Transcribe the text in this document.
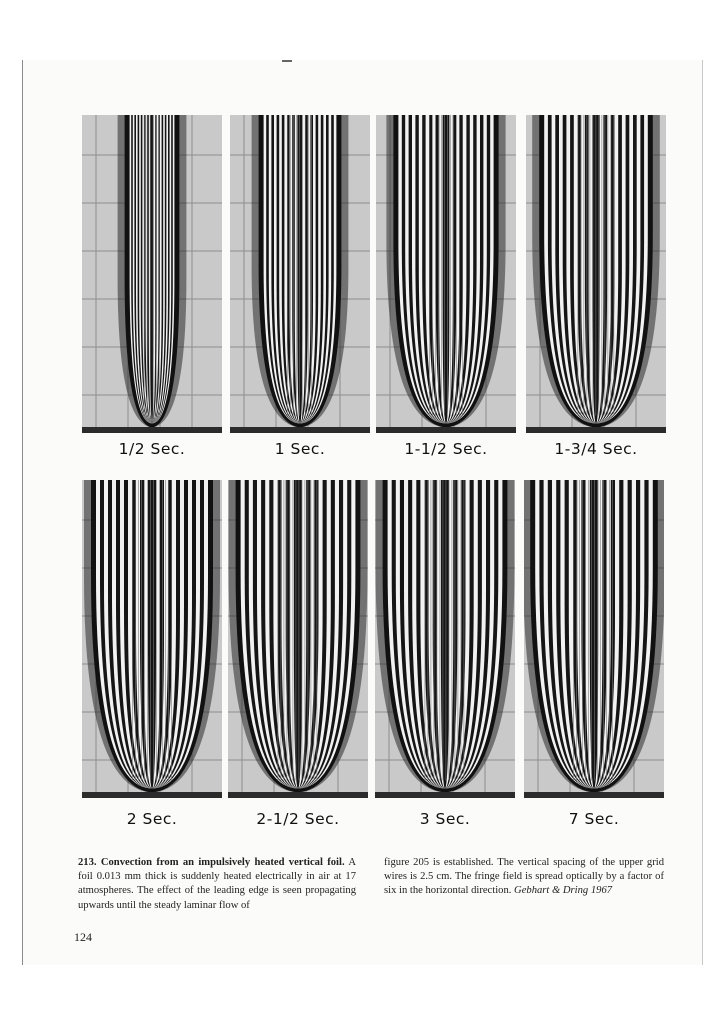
1/2 Sec.	1 Sec.	1-1/2 Sec.	1-3/4 Sec.
2 Sec.	2-1/2 Sec.	3 Sec.	7 Sec.
213. Convection from an impulsively heated vertical foil. A foil 0.013 mm thick is suddenly heated electrically in air at 17 atmospheres. The effect of the leading edge is seen propagating upwards until the steady laminar flow of
figure 205 is established. The vertical spacing of the upper grid wires is 2.5 cm. The fringe field is spread optically by a factor of six in the horizontal direction. Gebhart & Dring 1967
124
